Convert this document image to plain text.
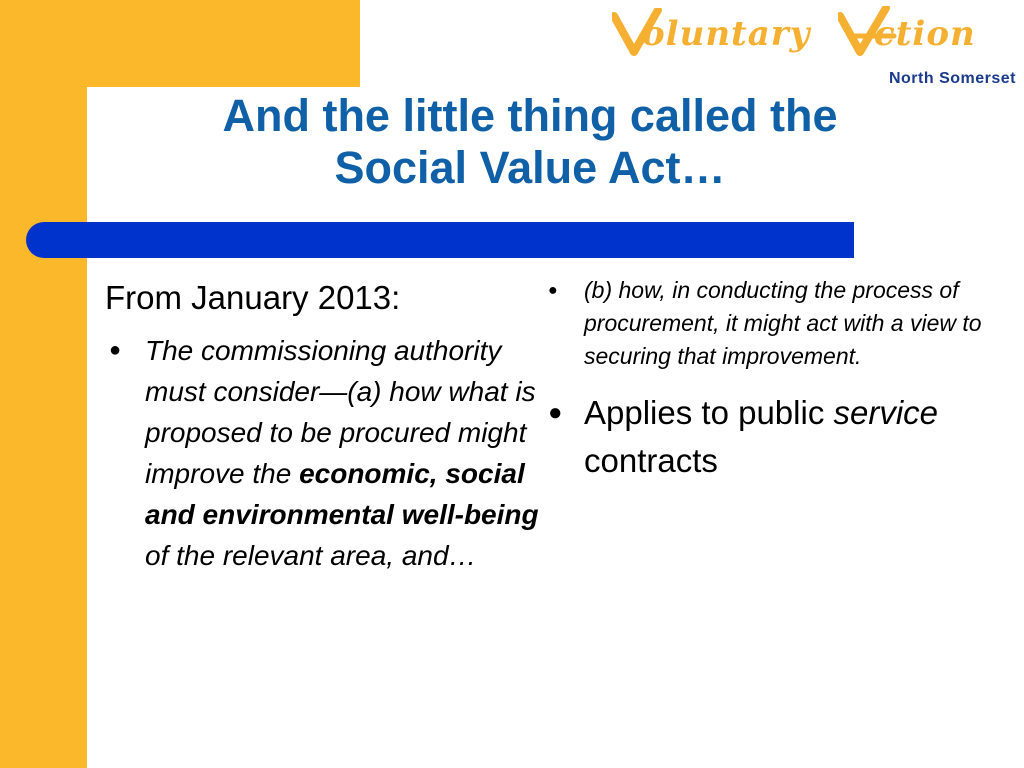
oluntary ction
North Somerset
And the little thing called the
Social Value Act…
From January 2013:
● The commissioning authority must consider—(a) how what is proposed to be procured might improve the economic, social and environmental well-being of the relevant area, and…
● (b) how, in conducting the process of procurement, it might act with a view to securing that improvement.
● Applies to public service contracts
